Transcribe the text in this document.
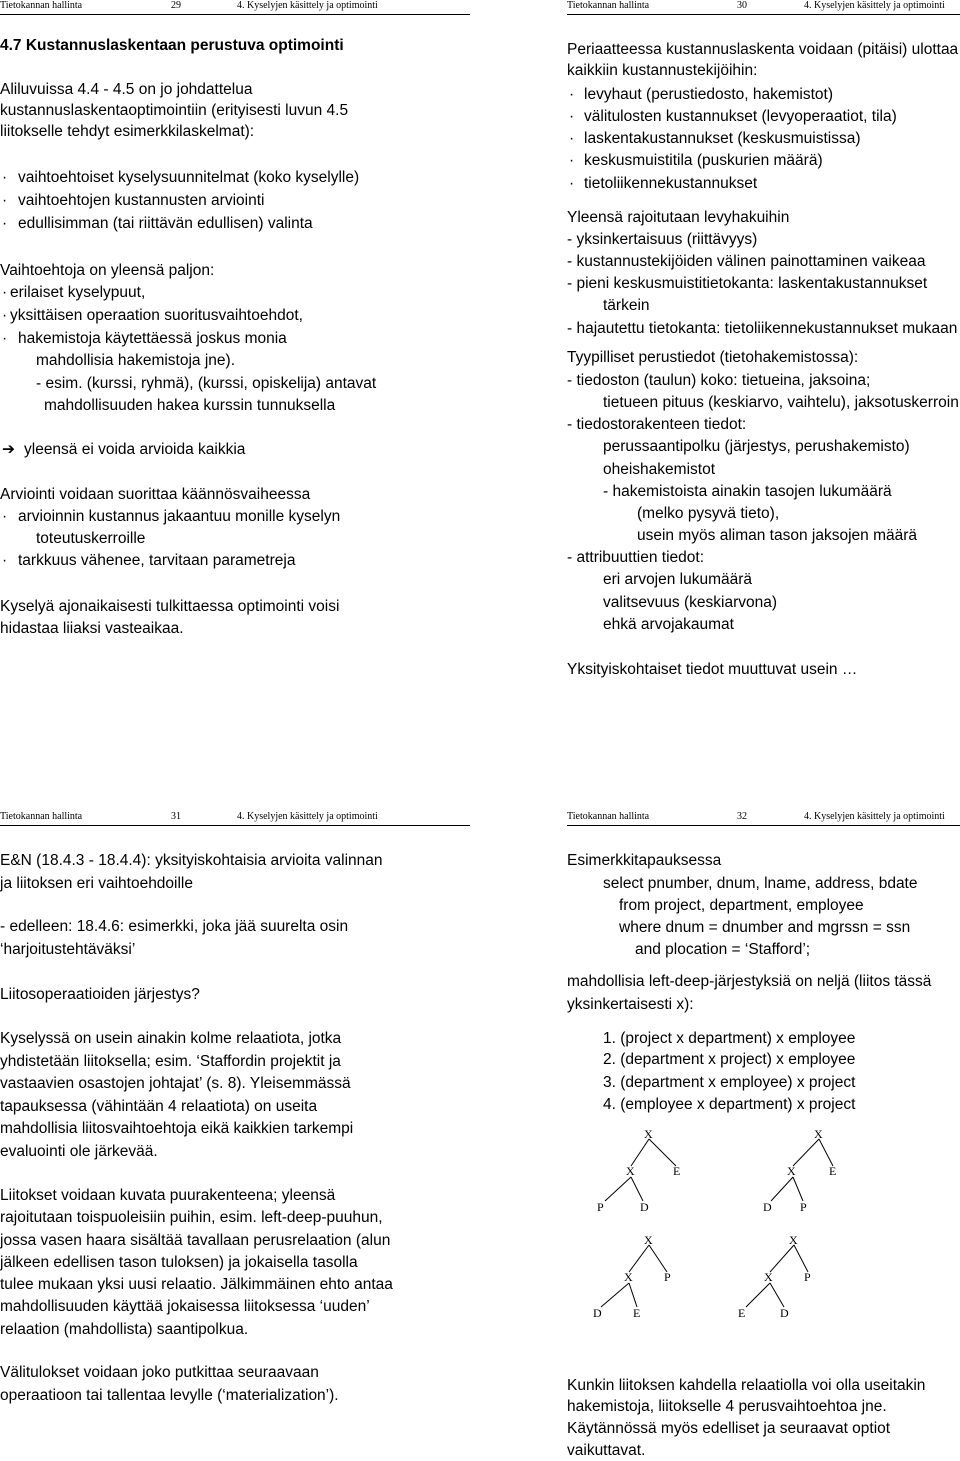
Tietokannan hallinta	29	4. Kyselyjen käsittely ja optimointi
4.7 Kustannuslaskentaan perustuva optimointi
Aliluvuissa 4.4 - 4.5 on jo johdattelua
kustannuslaskentaoptimointiin (erityisesti luvun 4.5
liitokselle tehdyt esimerkkilaskelmat):
· vaihtoehtoiset kyselysuunnitelmat (koko kyselylle)
· vaihtoehtojen kustannusten arviointi
· edullisimman (tai riittävän edullisen) valinta
Vaihtoehtoja on yleensä paljon:
· erilaiset kyselypuut,
· yksittäisen operaation suoritusvaihtoehdot,
· hakemistoja käytettäessä joskus monia
mahdollisia hakemistoja jne).
- esim. (kurssi, ryhmä), (kurssi, opiskelija) antavat
mahdollisuuden hakea kurssin tunnuksella
➔ yleensä ei voida arvioida kaikkia
Arviointi voidaan suorittaa käännösvaiheessa
· arvioinnin kustannus jakaantuu monille kyselyn
toteutuskerroille
· tarkkuus vähenee, tarvitaan parametreja
Kyselyä ajonaikaisesti tulkittaessa optimointi voisi
hidastaa liiaksi vasteaikaa.
Tietokannan hallinta	30	4. Kyselyjen käsittely ja optimointi
Periaatteessa kustannuslaskenta voidaan (pitäisi) ulottaa
kaikkiin kustannustekijöihin:
· levyhaut (perustiedosto, hakemistot)
· välitulosten kustannukset (levyoperaatiot, tila)
· laskentakustannukset (keskusmuistissa)
· keskusmuistitila (puskurien määrä)
· tietoliikennekustannukset
Yleensä rajoitutaan levyhakuihin
- yksinkertaisuus (riittävyys)
- kustannustekijöiden välinen painottaminen vaikeaa
- pieni keskusmuistitietokanta: laskentakustannukset
tärkein
- hajautettu tietokanta: tietoliikennekustannukset mukaan
Tyypilliset perustiedot (tietohakemistossa):
- tiedoston (taulun) koko: tietueina, jaksoina;
tietueen pituus (keskiarvo, vaihtelu), jaksotuskerroin
- tiedostorakenteen tiedot:
perussaantipolku (järjestys, perushakemisto)
oheishakemistot
- hakemistoista ainakin tasojen lukumäärä
(melko pysyvä tieto),
usein myös aliman tason jaksojen määrä
- attribuuttien tiedot:
eri arvojen lukumäärä
valitsevuus (keskiarvona)
ehkä arvojakaumat
Yksityiskohtaiset tiedot muuttuvat usein …
Tietokannan hallinta	31	4. Kyselyjen käsittely ja optimointi
E&N (18.4.3 - 18.4.4): yksityiskohtaisia arvioita valinnan
ja liitoksen eri vaihtoehdoille
- edelleen: 18.4.6: esimerkki, joka jää suurelta osin
‘harjoitustehtäväksi’
Liitosoperaatioiden järjestys?
Kyselyssä on usein ainakin kolme relaatiota, jotka
yhdistetään liitoksella; esim. ‘Staffordin projektit ja
vastaavien osastojen johtajat’ (s. 8). Yleisemmässä
tapauksessa (vähintään 4 relaatiota) on useita
mahdollisia liitosvaihtoehtoja eikä kaikkien tarkempi
evaluointi ole järkevää.
Liitokset voidaan kuvata puurakenteena; yleensä
rajoitutaan toispuoleisiin puihin, esim. left-deep-puuhun,
jossa vasen haara sisältää tavallaan perusrelaation (alun
jälkeen edellisen tason tuloksen) ja jokaisella tasolla
tulee mukaan yksi uusi relaatio. Jälkimmäinen ehto antaa
mahdollisuuden käyttää jokaisessa liitoksessa ‘uuden’
relaation (mahdollista) saantipolkua.
Välitulokset voidaan joko putkittaa seuraavaan
operaatioon tai tallentaa levylle (‘materialization’).
Tietokannan hallinta	32	4. Kyselyjen käsittely ja optimointi
Esimerkkitapauksessa
select pnumber, dnum, lname, address, bdate
from project, department, employee
where dnum = dnumber and mgrssn = ssn
and plocation = ‘Stafford’;
mahdollisia left-deep-järjestyksiä on neljä (liitos tässä
yksinkertaisesti x):
1. (project x department) x employee
2. (department x project) x employee
3. (department x employee) x project
4. (employee x department) x project
X
X	E
P	D
X
X	E
D P
X
X	P
D	E
X
X	P
E	D
Kunkin liitoksen kahdella relaatiolla voi olla useitakin
hakemistoja, liitokselle 4 perusvaihtoehtoa jne.
Käytännössä myös edelliset ja seuraavat optiot
vaikuttavat.
